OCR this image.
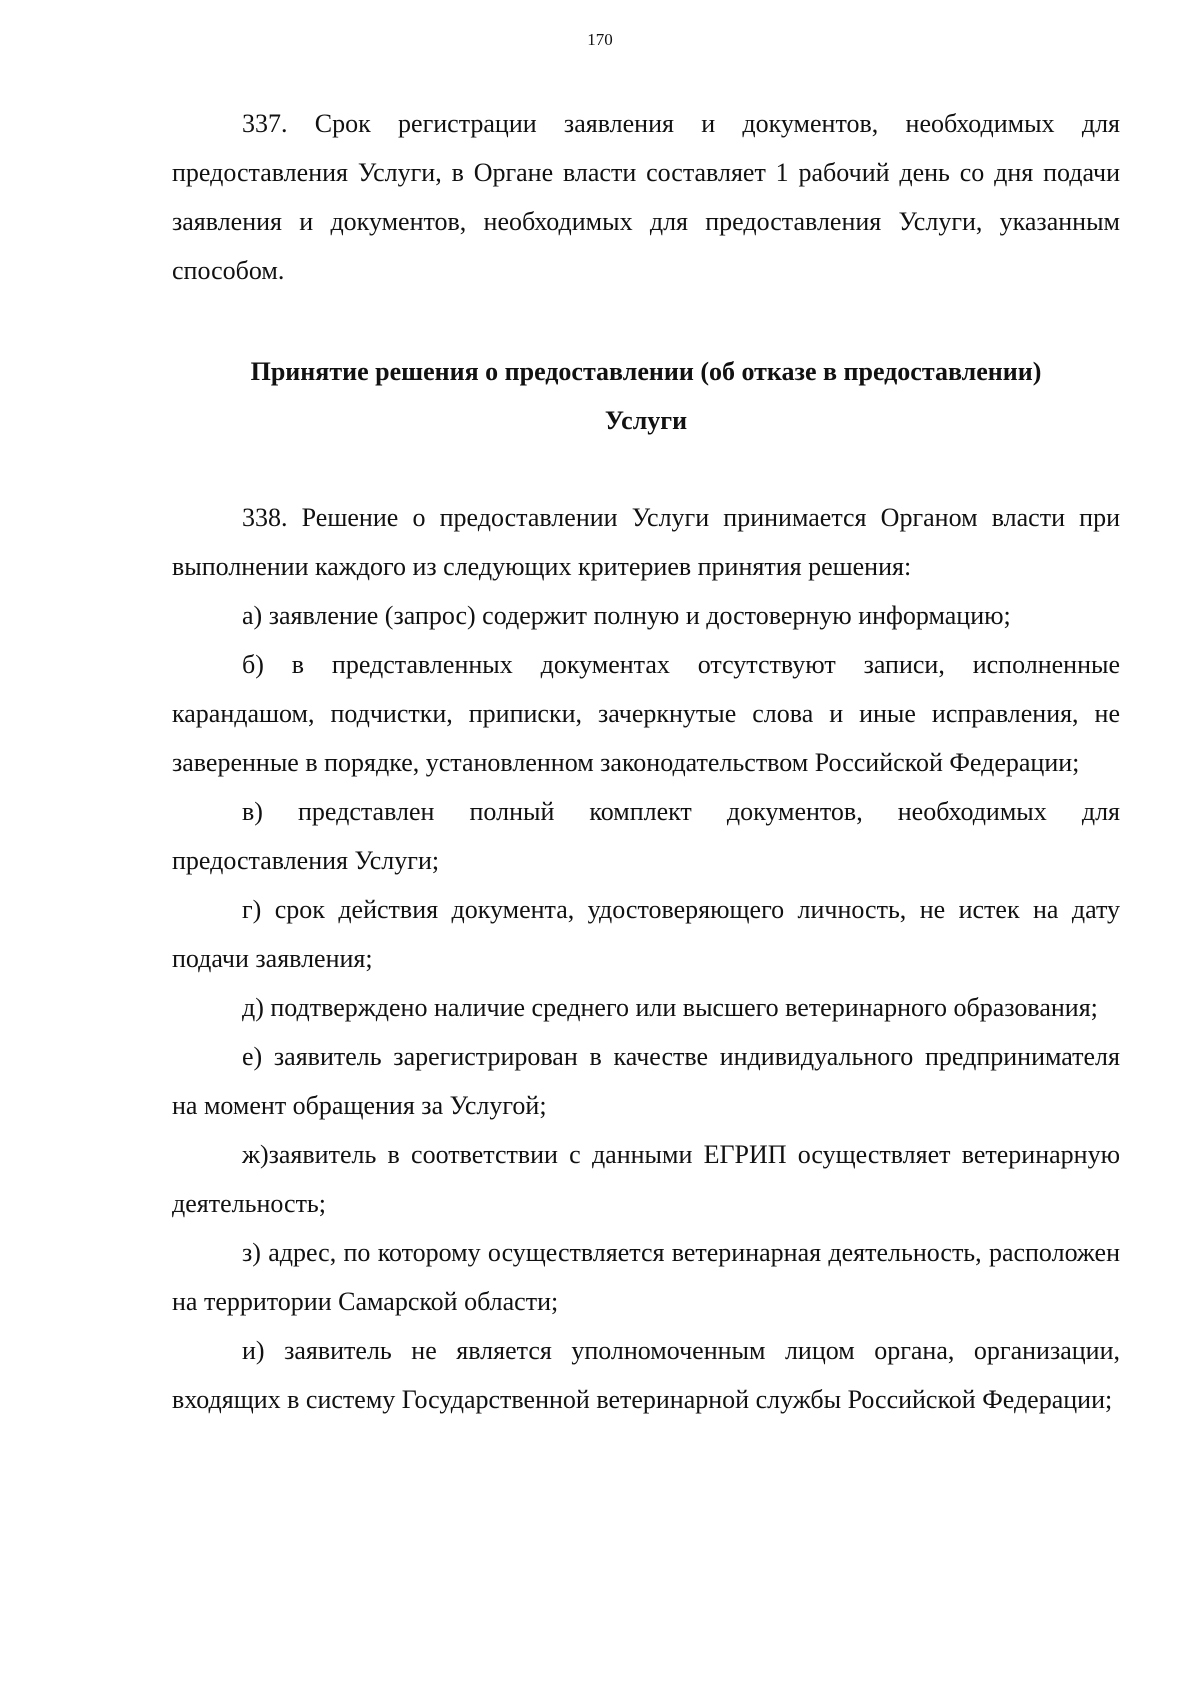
170

337. Срок регистрации заявления и документов, необходимых для предоставления Услуги, в Органе власти составляет 1 рабочий день со дня подачи заявления и документов, необходимых для предоставления Услуги, указанным способом.

Принятие решения о предоставлении (об отказе в предоставлении)
Услуги

338. Решение о предоставлении Услуги принимается Органом власти при выполнении каждого из следующих критериев принятия решения:

а) заявление (запрос) содержит полную и достоверную информацию;

б) в представленных документах отсутствуют записи, исполненные карандашом, подчистки, приписки, зачеркнутые слова и иные исправления, не заверенные в порядке, установленном законодательством Российской Федерации;

в) представлен полный комплект документов, необходимых для предоставления Услуги;

г) срок действия документа, удостоверяющего личность, не истек на дату подачи заявления;

д) подтверждено наличие среднего или высшего ветеринарного образования;

е) заявитель зарегистрирован в качестве индивидуального предпринимателя на момент обращения за Услугой;

ж)заявитель в соответствии с данными ЕГРИП осуществляет ветеринарную деятельность;

з) адрес, по которому осуществляется ветеринарная деятельность, расположен на территории Самарской области;

и) заявитель не является уполномоченным лицом органа, организации, входящих в систему Государственной ветеринарной службы Российской Федерации;
